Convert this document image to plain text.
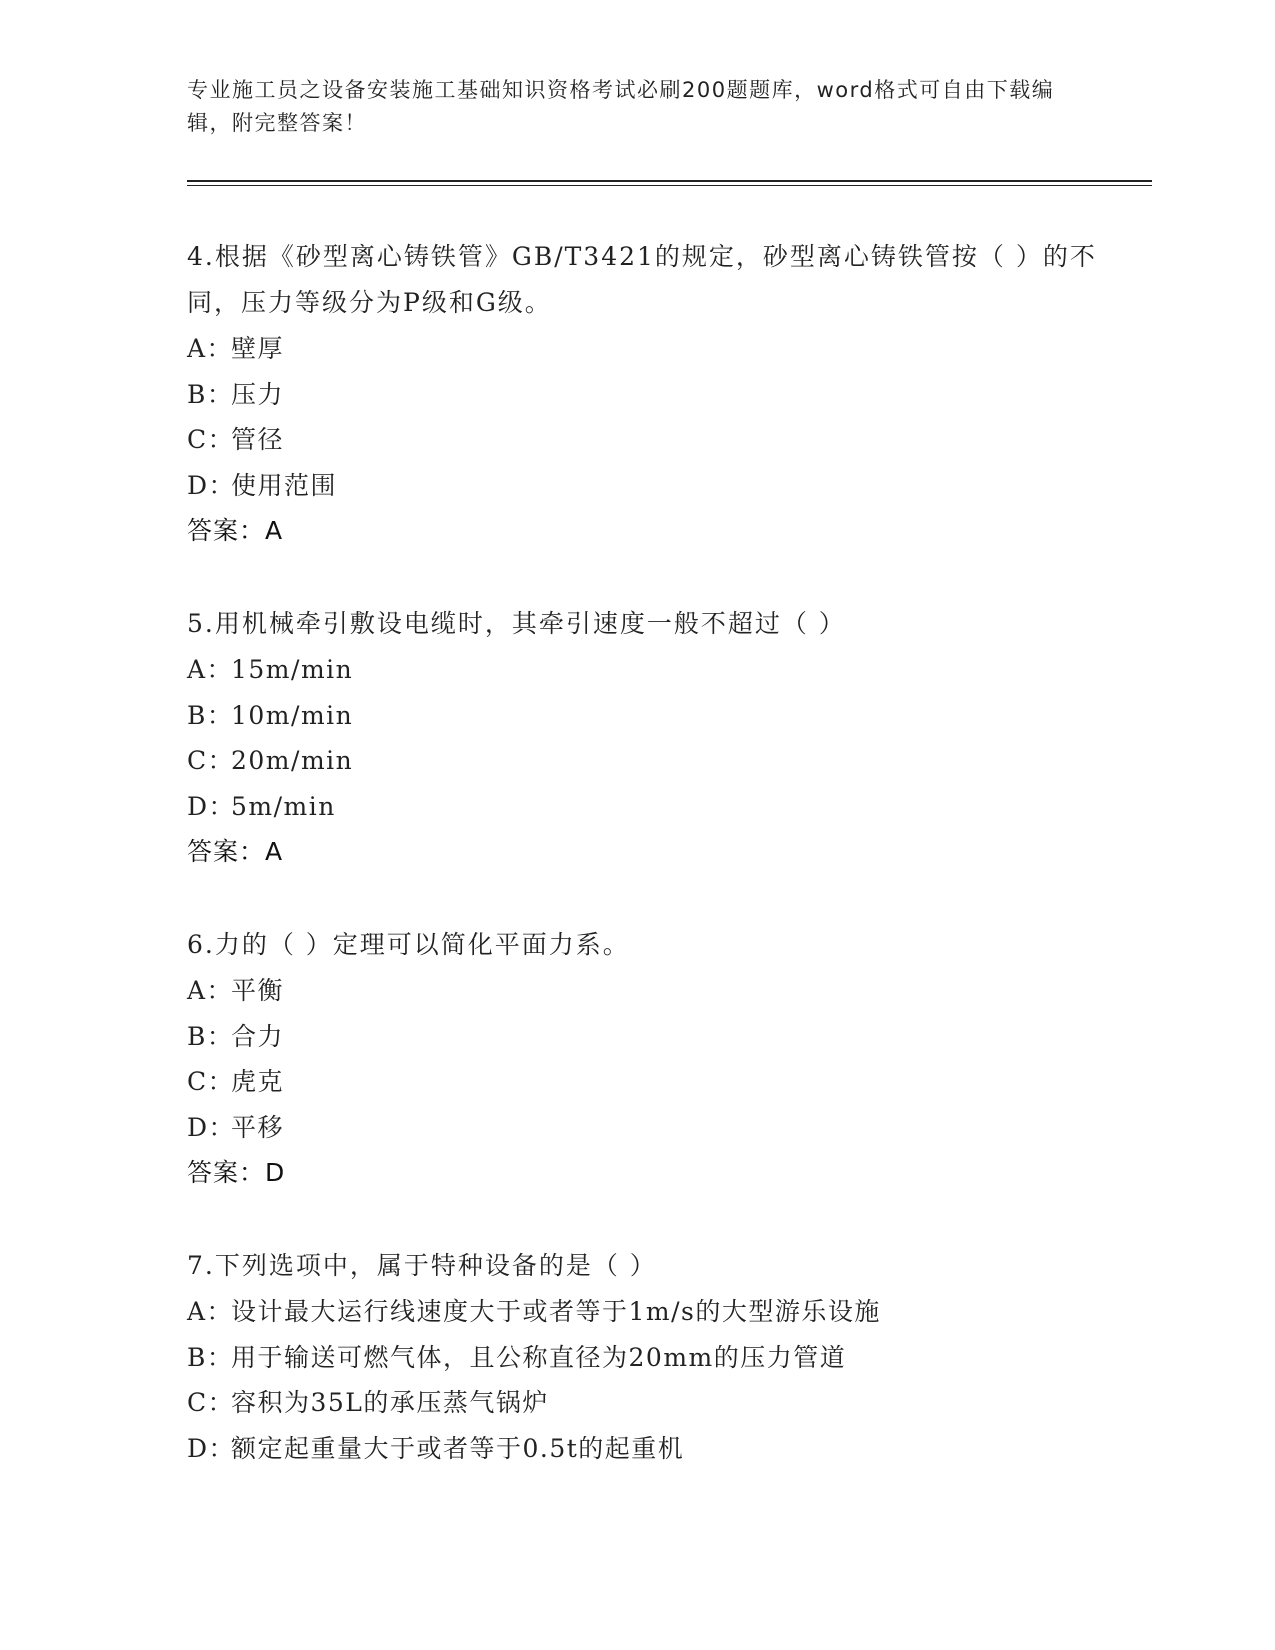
专业施工员之设备安装施工基础知识资格考试必刷200题题库，word格式可自由下载编辑，附完整答案！
4.根据《砂型离心铸铁管》GB/T3421的规定，砂型离心铸铁管按（ ）的不同，压力等级分为P级和G级。
A：壁厚
B：压力
C：管径
D：使用范围
答案：A
5.用机械牵引敷设电缆时，其牵引速度一般不超过（ ）
A：15m/min
B：10m/min
C：20m/min
D：5m/min
答案：A
6.力的（ ）定理可以简化平面力系。
A：平衡
B：合力
C：虎克
D：平移
答案：D
7.下列选项中，属于特种设备的是（ ）
A：设计最大运行线速度大于或者等于1m/s的大型游乐设施
B：用于输送可燃气体，且公称直径为20mm的压力管道
C：容积为35L的承压蒸气锅炉
D：额定起重量大于或者等于0.5t的起重机
